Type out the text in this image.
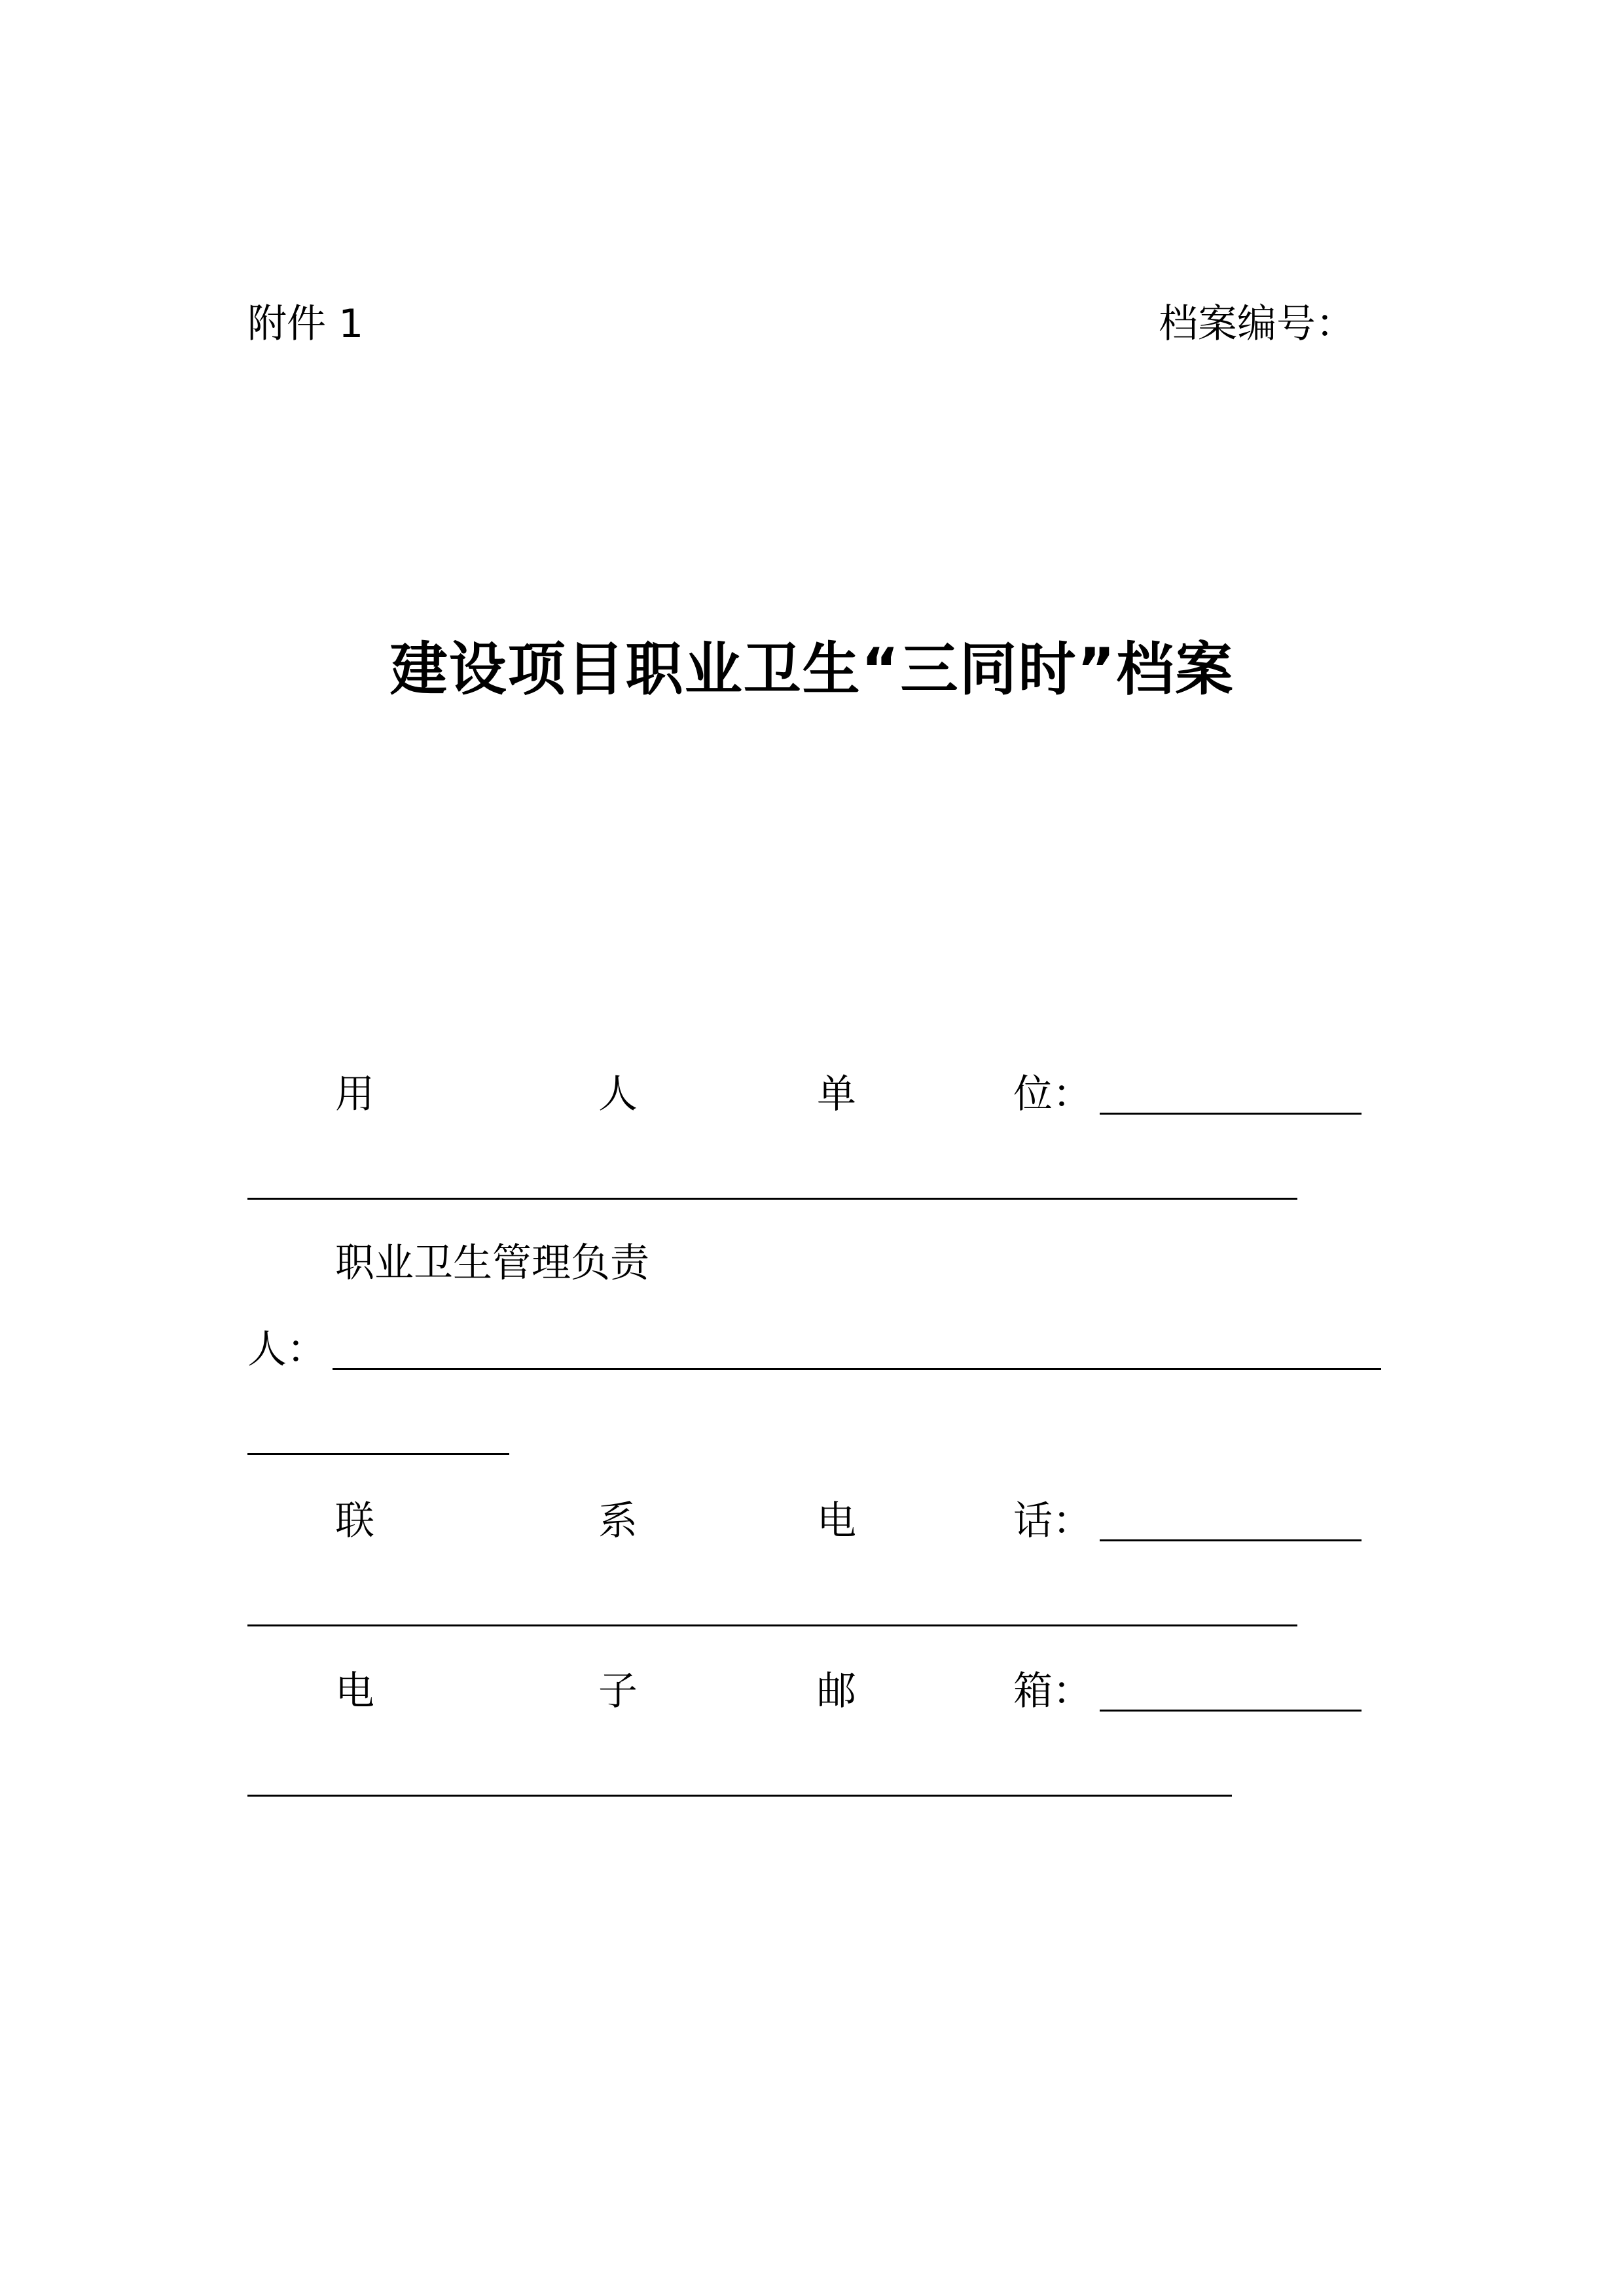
附件 1	档案编号：
建设项目职业卫生“三同时”档案
用	人	单	位：
职业卫生管理负责
人：
联	系	电	话：
电	子	邮	箱：
